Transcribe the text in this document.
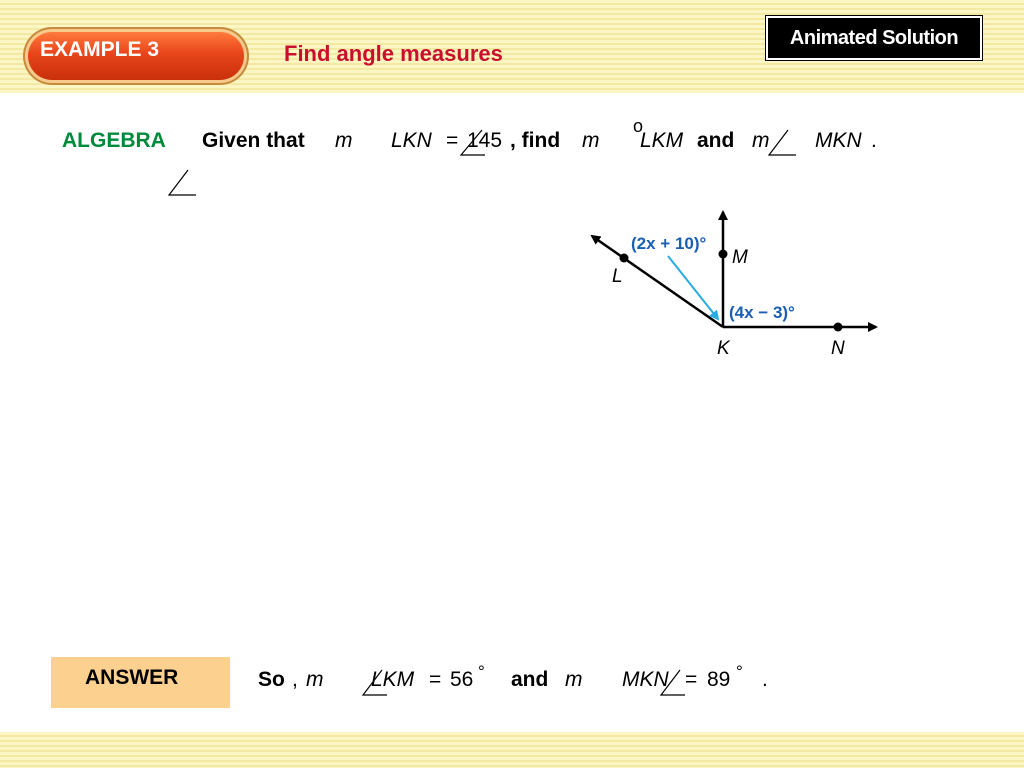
EXAMPLE 3	Find angle measures
Animated Solution
ALGEBRA Given that m LKN = 145
o
, find m LKM and m MKN .
L
M
K	N
(2x + 10)°
(4x − 3)°
ANSWER	So , m LKM = 56 ° and m MKN = 89 ° .
